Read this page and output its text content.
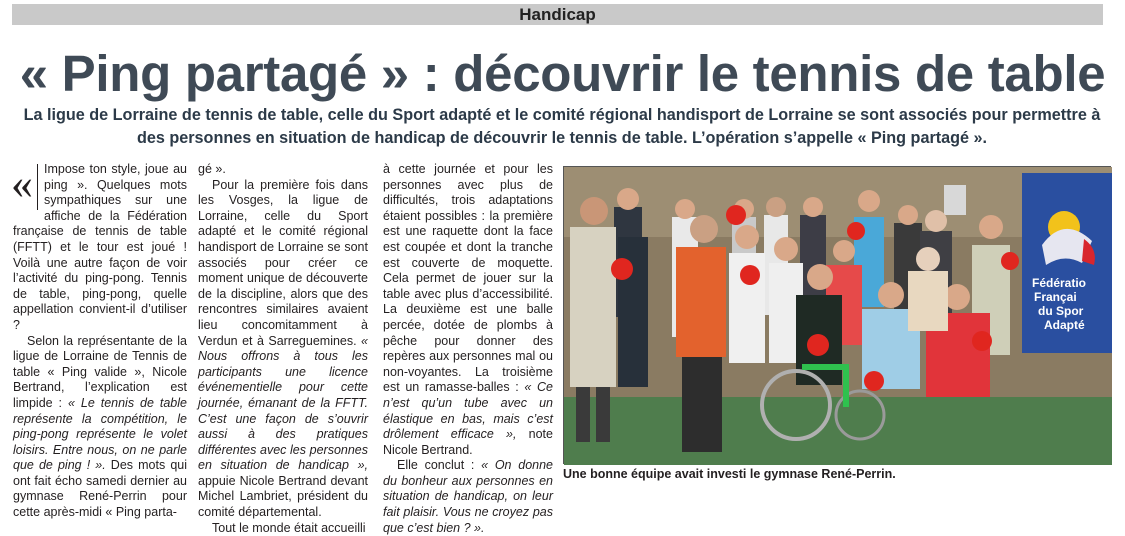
Handicap
« Ping partagé » : découvrir le tennis de table

La ligue de Lorraine de tennis de table, celle du Sport adapté et le comité régional handisport de Lorraine se sont associés pour permettre à des personnes en situation de handicap de découvrir le tennis de table. L’opération s’appelle « Ping partagé ».

« Impose ton style, joue au ping ». Quelques mots sympathiques sur une affiche de la Fédération française de tennis de table (FFTT) et le tour est joué ! Voilà une autre façon de voir l’activité du ping-pong. Tennis de table, ping-pong, quelle appellation convient-il d’utiliser ?

Selon la représentante de la ligue de Lorraine de Tennis de table « Ping valide », Nicole Bertrand, l’explication est limpide : « Le tennis de table représente la compétition, le ping-pong représente le volet loisirs. Entre nous, on ne parle que de ping ! ». Des mots qui ont fait écho samedi dernier au gymnase René-Perrin pour cette après-midi « Ping parta-

gé ».

Pour la première fois dans les Vosges, la ligue de Lorraine, celle du Sport adapté et le comité régional handisport de Lorraine se sont associés pour créer ce moment unique de découverte de la discipline, alors que des rencontres similaires avaient lieu concomitamment à Verdun et à Sarreguemines. « Nous offrons à tous les participants une licence événementielle pour cette journée, émanant de la FFTT. C’est une façon de s’ouvrir aussi à des pratiques différentes avec les personnes en situation de handicap », appuie Nicole Bertrand devant Michel Lambriet, président du comité départemental.

Tout le monde était accueilli

à cette journée et pour les personnes avec plus de difficultés, trois adaptations étaient possibles : la première est une raquette dont la face est coupée et dont la tranche est couverte de moquette. Cela permet de jouer sur la table avec plus d’accessibilité. La deuxième est une balle percée, dotée de plombs à pêche pour donner des repères aux personnes mal ou non-voyantes. La troisième est un ramasse-balles : « Ce n’est qu’un tube avec un élastique en bas, mais c’est drôlement efficace », note Nicole Bertrand.

Elle conclut : « On donne du bonheur aux personnes en situation de handicap, on leur fait plaisir. Vous ne croyez pas que c’est bien ? ».

Fédératio
Françai
du Spor
Adapté
Une bonne équipe avait investi le gymnase René-Perrin.
